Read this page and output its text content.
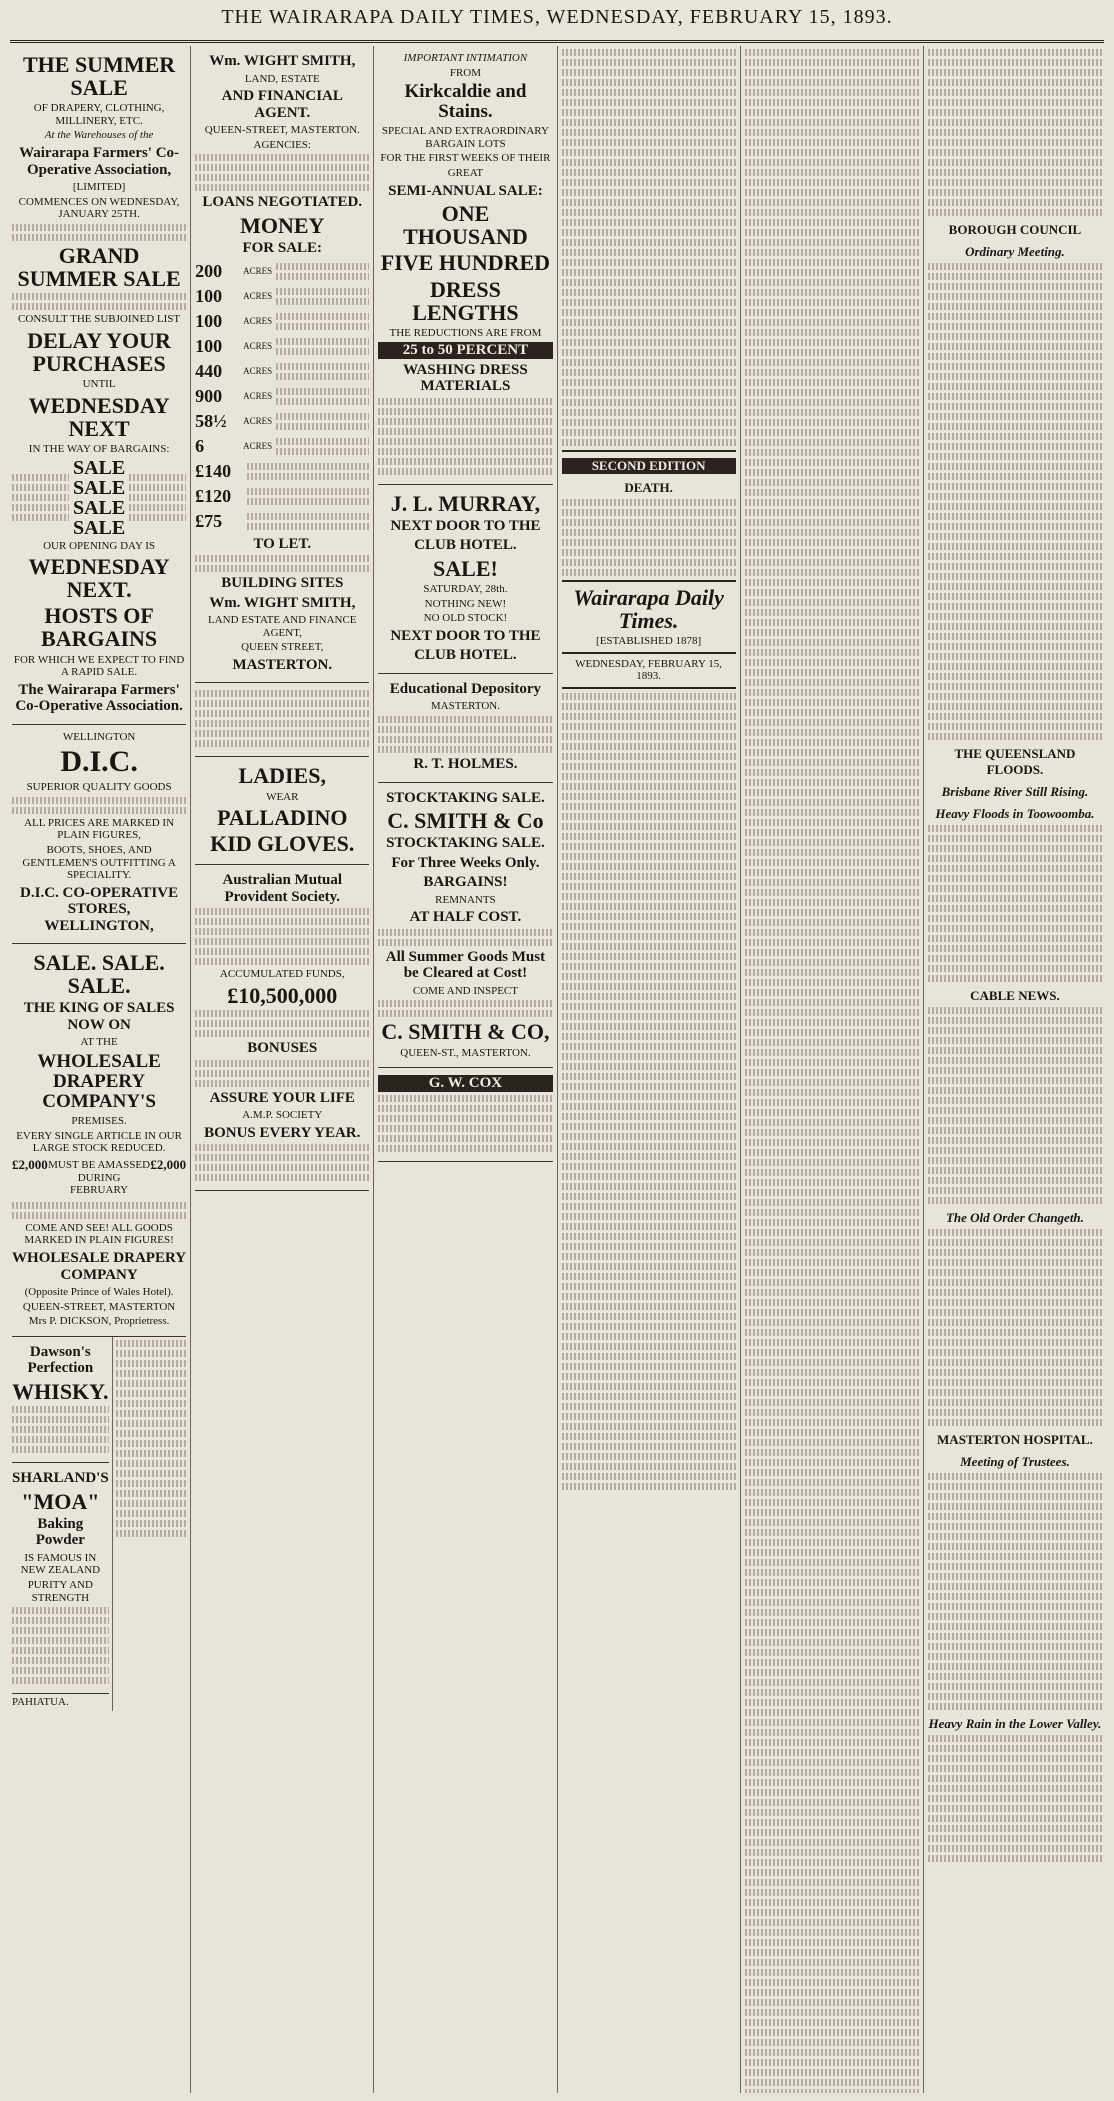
THE WAIRARAPA DAILY TIMES, WEDNESDAY, FEBRUARY 15, 1893.
THE SUMMER SALE
OF DRAPERY, CLOTHING, MILLINERY, ETC.
At the Warehouses of the
Wairarapa Farmers' Co-Operative Association,
[LIMITED]
COMMENCES ON WEDNESDAY, JANUARY 25TH.
GRAND SUMMER SALE
CONSULT THE SUBJOINED LIST
DELAY YOUR PURCHASES
UNTIL
WEDNESDAY NEXT
IN THE WAY OF BARGAINS:
SALE
SALE
SALE
SALE
OUR OPENING DAY IS
WEDNESDAY NEXT.
HOSTS OF BARGAINS
FOR WHICH WE EXPECT TO FIND A RAPID SALE.
The Wairarapa Farmers' Co-Operative Association.
WELLINGTON
D.I.C.
SUPERIOR QUALITY GOODS
ALL PRICES ARE MARKED IN PLAIN FIGURES,
BOOTS, SHOES, AND GENTLEMEN'S OUTFITTING A SPECIALITY.
D.I.C. CO-OPERATIVE STORES, WELLINGTON,
SALE. SALE. SALE.
THE KING OF SALES NOW ON
AT THE
WHOLESALE DRAPERY COMPANY'S
PREMISES.
EVERY SINGLE ARTICLE IN OUR LARGE STOCK REDUCED.
£2,000 MUST BE AMASSED DURING FEBRUARY
£2,000
COME AND SEE! ALL GOODS MARKED IN PLAIN FIGURES!
WHOLESALE DRAPERY COMPANY
(Opposite Prince of Wales Hotel).
QUEEN-STREET, MASTERTON
Mrs P. DICKSON, Proprietress.
Dawson's Perfection
WHISKY.
SHARLAND'S
"MOA"
Baking Powder
IS FAMOUS IN NEW ZEALAND
PURITY AND STRENGTH
PAHIATUA.
Wm. WIGHT SMITH,
LAND, ESTATE
AND FINANCIAL AGENT.
QUEEN-STREET, MASTERTON.
AGENCIES:
LOANS NEGOTIATED.
MONEY
FOR SALE:
200	ACRES
100	ACRES
100	ACRES
100	ACRES
440	ACRES
900	ACRES
58½	ACRES
6	ACRES
£140
£120
£75
TO LET.
BUILDING SITES
Wm. WIGHT SMITH,
LAND ESTATE AND FINANCE AGENT,
QUEEN STREET,
MASTERTON.
LADIES,
WEAR
PALLADINO
KID GLOVES.
Australian Mutual Provident Society.
ACCUMULATED FUNDS,
£10,500,000
BONUSES
ASSURE YOUR LIFE
A.M.P. SOCIETY
BONUS EVERY YEAR.
IMPORTANT INTIMATION
FROM
Kirkcaldie and Stains.
SPECIAL AND EXTRAORDINARY BARGAIN LOTS
FOR THE FIRST WEEKS OF THEIR
GREAT
SEMI-ANNUAL SALE:
ONE THOUSAND
FIVE HUNDRED
DRESS LENGTHS
THE REDUCTIONS ARE FROM
25 to 50 PERCENT
WASHING DRESS MATERIALS
J. L. MURRAY,
NEXT DOOR TO THE
CLUB HOTEL.
SALE!
SATURDAY, 28th.
NOTHING NEW!
NO OLD STOCK!
NEXT DOOR TO THE
CLUB HOTEL.
Educational Depository
MASTERTON.
R. T. HOLMES.
STOCKTAKING SALE.
C. SMITH & Co
STOCKTAKING SALE.
For Three Weeks Only.
BARGAINS!
REMNANTS
AT HALF COST.
All Summer Goods Must be Cleared at Cost!
COME AND INSPECT
C. SMITH & CO,
QUEEN-ST., MASTERTON.
G. W. COX
SECOND EDITION
DEATH.
Wairarapa Daily Times.
[ESTABLISHED 1878]
WEDNESDAY, FEBRUARY 15, 1893.
BOROUGH COUNCIL
Ordinary Meeting.
THE QUEENSLAND FLOODS.
Brisbane River Still Rising.
Heavy Floods in Toowoomba.
CABLE NEWS.
The Old Order Changeth.
MASTERTON HOSPITAL.
Meeting of Trustees.
Heavy Rain in the Lower Valley.
